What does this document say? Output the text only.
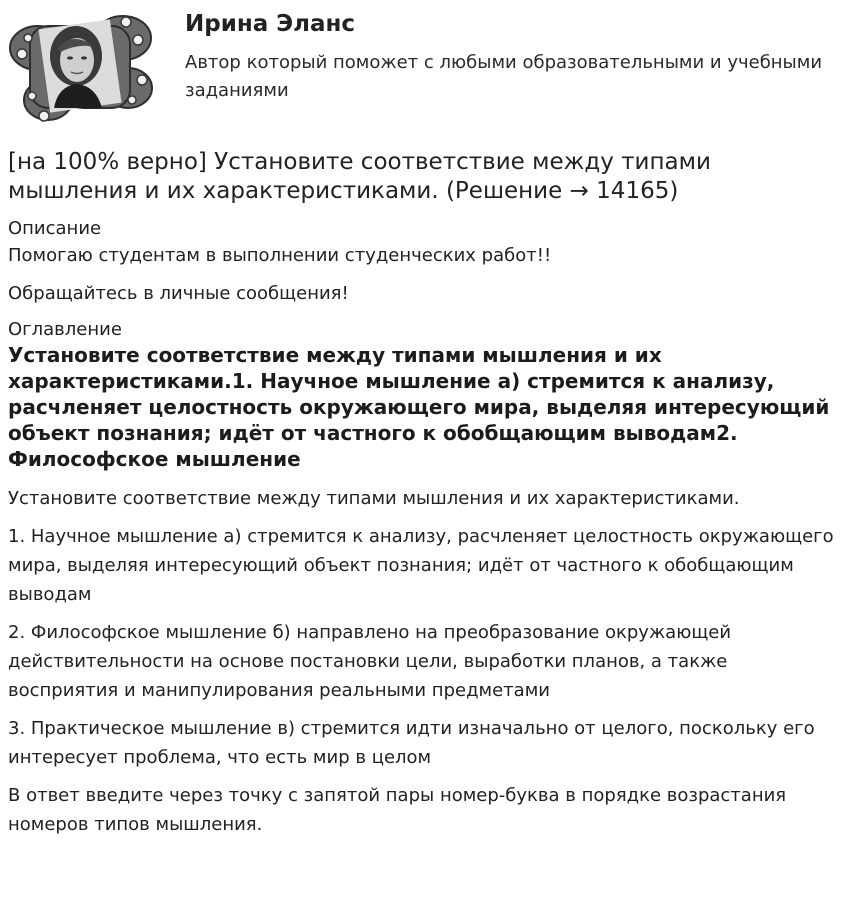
Ирина Эланс
Автор который поможет с любыми образовательными и учебными заданиями
[на 100% верно] Установите соответствие между типами мышления и их характеристиками. (Решение → 14165)
Описание
Помогаю студентам в выполнении студенческих работ!!
Обращайтесь в личные сообщения!
Оглавление
Установите соответствие между типами мышления и их характеристиками.1. Научное мышление а) стремится к анализу, расчленяет целостность окружающего мира, выделяя интересующий объект познания; идёт от частного к обобщающим выводам2. Философское мышление
Установите соответствие между типами мышления и их характеристиками.
1. Научное мышление а) стремится к анализу, расчленяет целостность окружающего мира, выделяя интересующий объект познания; идёт от частного к обобщающим выводам
2. Философское мышление б) направлено на преобразование окружающей действительности на основе постановки цели, выработки планов, а также восприятия и манипулирования реальными предметами
3. Практическое мышление в) стремится идти изначально от целого, поскольку его интересует проблема, что есть мир в целом
В ответ введите через точку с запятой пары номер-буква в порядке возрастания номеров типов мышления.
